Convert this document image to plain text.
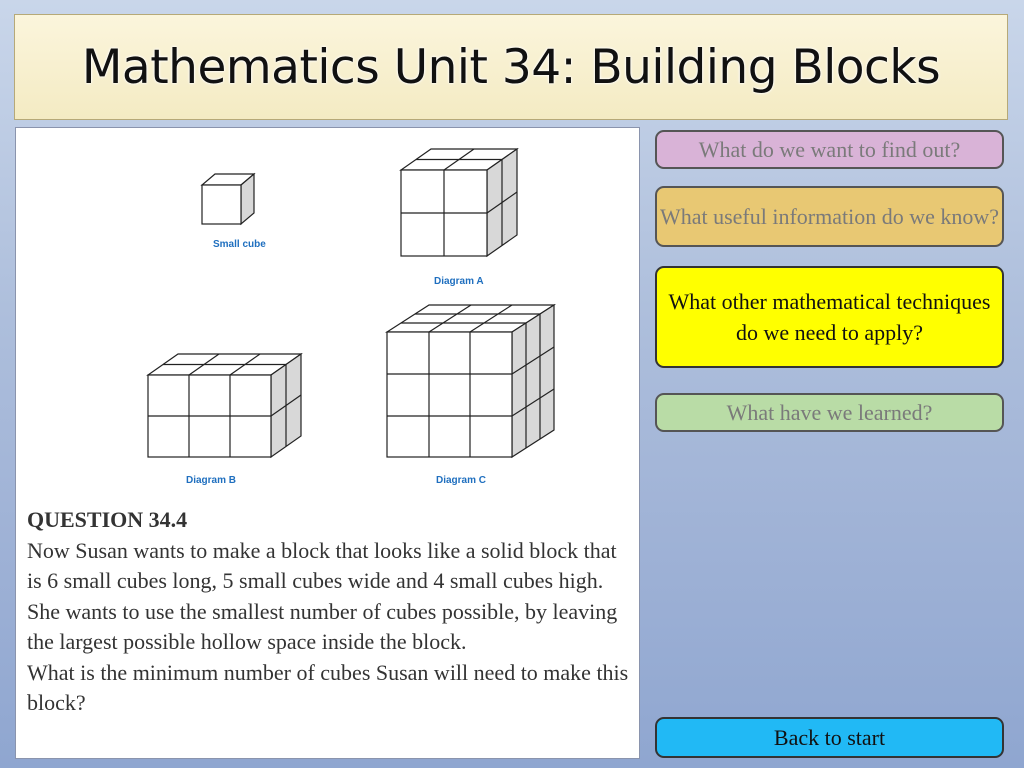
Mathematics Unit 34: Building Blocks
Small cube
Diagram A
Diagram B	Diagram C

QUESTION 34.4

Now Susan wants to make a block that looks like a solid block that is 6 small cubes long, 5 small cubes wide and 4 small cubes high. She wants to use the smallest number of cubes possible, by leaving the largest possible hollow space inside the block.

What is the minimum number of cubes Susan will need to make this block?

What do we want to find out?
What useful information do we know?
What other mathematical techniques do we need to apply?
What have we learned?
Back to start
